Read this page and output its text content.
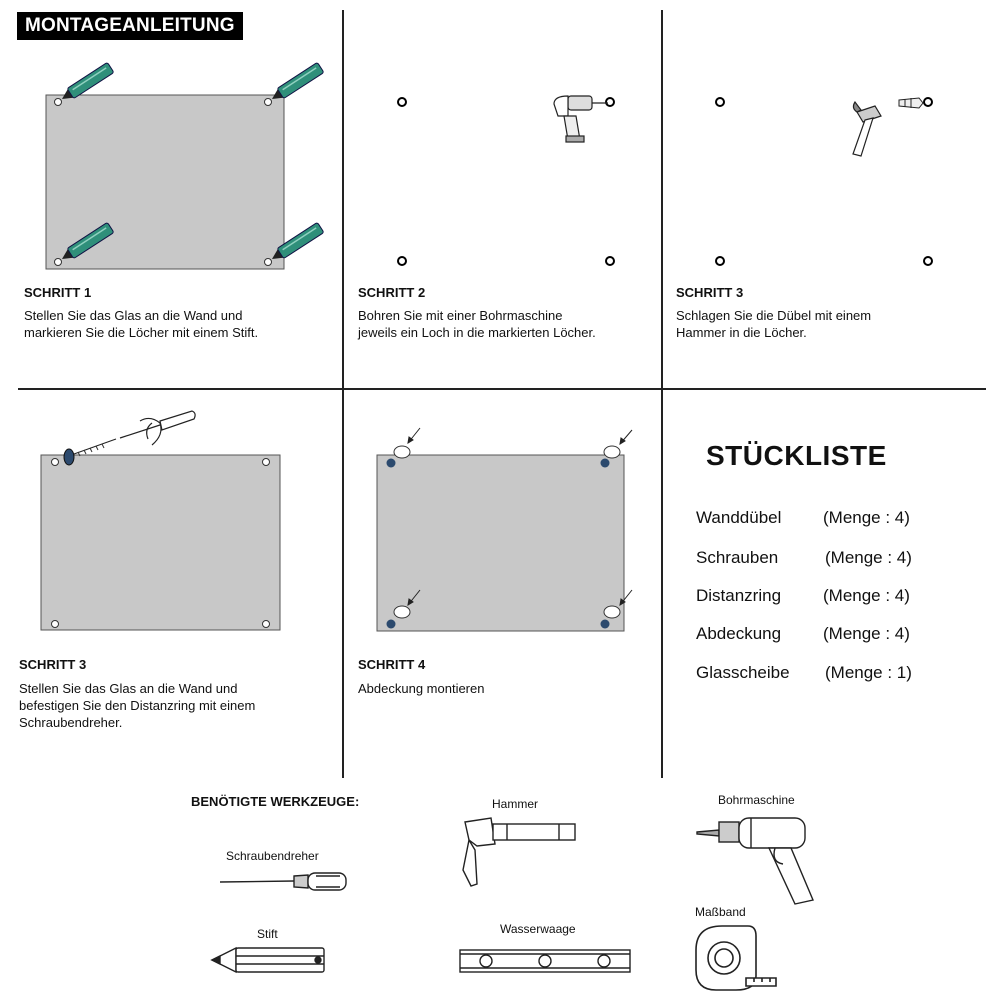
MONTAGEANLEITUNG
SCHRITT 1
Stellen Sie das Glas an die Wand und
markieren Sie die Löcher mit einem Stift.
SCHRITT 2
Bohren Sie mit einer Bohrmaschine
jeweils ein Loch in die markierten Löcher.
SCHRITT 3
Schlagen Sie die Dübel mit einem
Hammer in die Löcher.
SCHRITT 3
Stellen Sie das Glas an die Wand und
befestigen Sie den Distanzring mit einem
Schraubendreher.
SCHRITT 4
Abdeckung montieren
STÜCKLISTE
Wanddübel (Menge : 4)
Schrauben	(Menge : 4)
Distanzring (Menge : 4)
Abdeckung (Menge : 4)
Glasscheibe (Menge : 1)
BENÖTIGTE WERKZEUGE:	Hammer	Bohrmaschine
Schraubendreher
Stift	Wasserwaage
Maßband
